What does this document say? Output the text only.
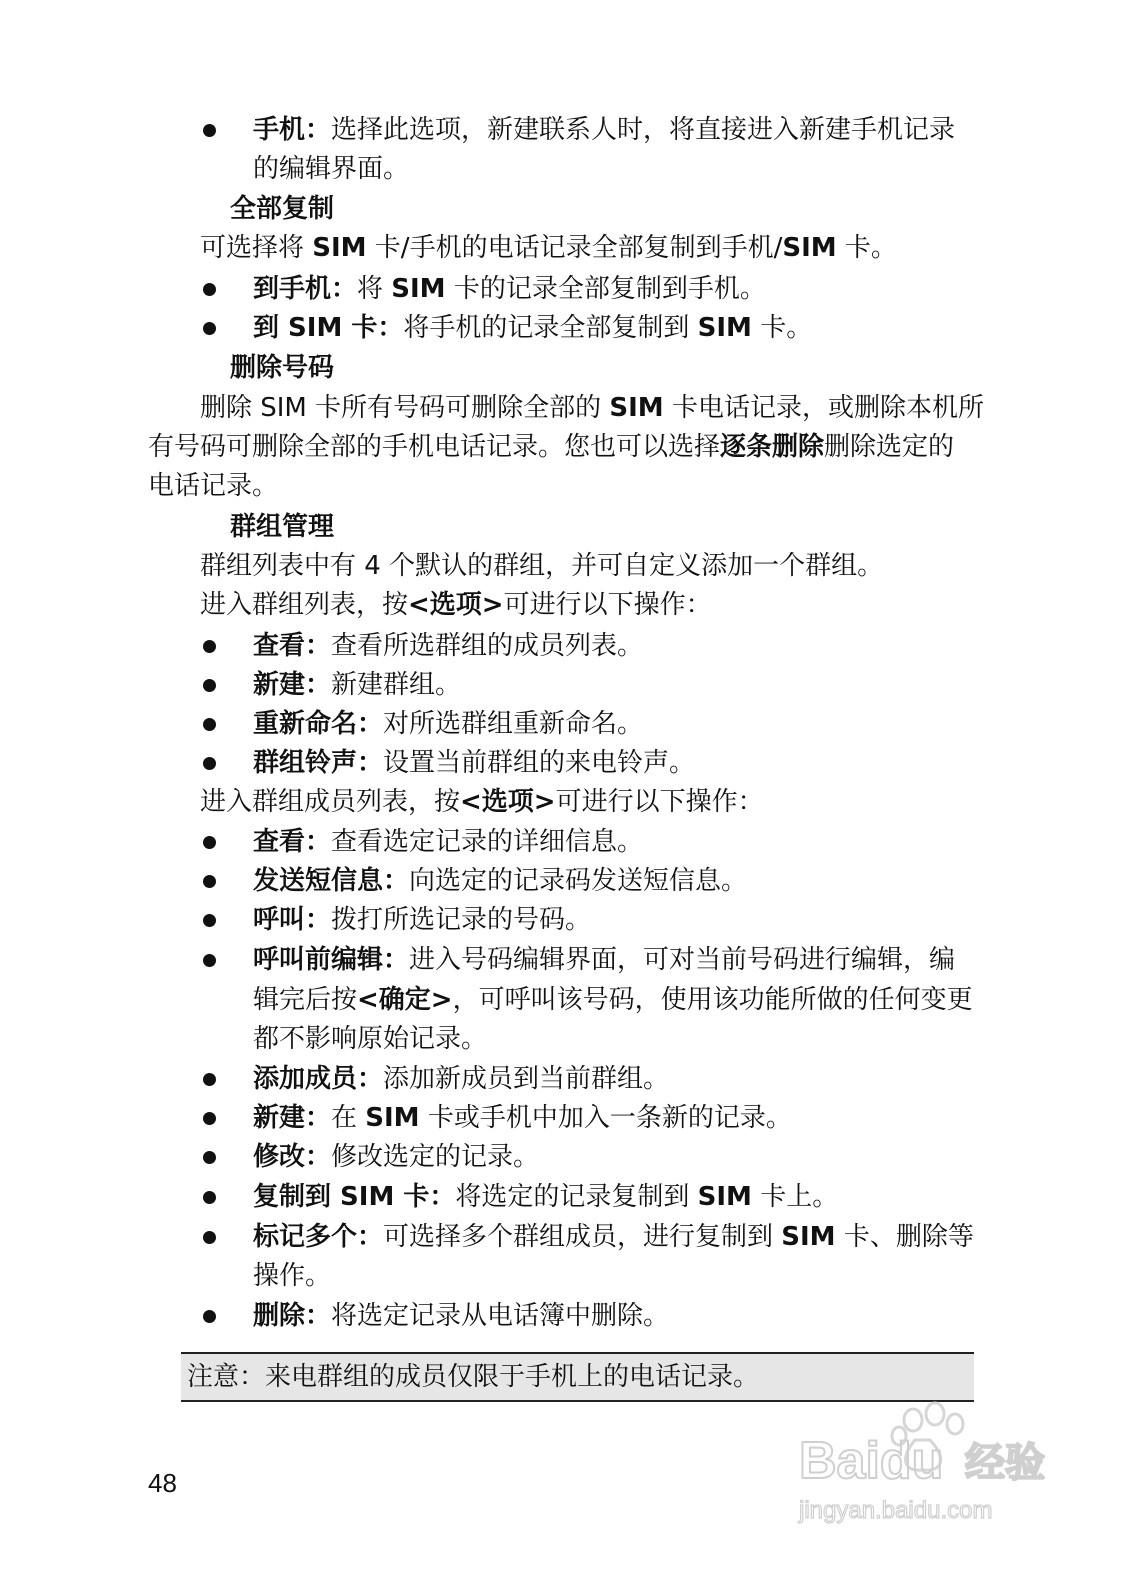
手机：选择此选项，新建联系人时，将直接进入新建手机记录
的编辑界面。
全部复制
可选择将 SIM 卡/手机的电话记录全部复制到手机/SIM 卡。
到手机：将 SIM 卡的记录全部复制到手机。
到 SIM 卡：将手机的记录全部复制到 SIM 卡。
删除号码
删除 SIM 卡所有号码可删除全部的 SIM 卡电话记录，或删除本机所
有号码可删除全部的手机电话记录。您也可以选择逐条删除删除选定的
电话记录。
群组管理
群组列表中有 4 个默认的群组，并可自定义添加一个群组。
进入群组列表，按<选项>可进行以下操作：
查看：查看所选群组的成员列表。
新建：新建群组。
重新命名：对所选群组重新命名。
群组铃声：设置当前群组的来电铃声。
进入群组成员列表，按<选项>可进行以下操作：
查看：查看选定记录的详细信息。
发送短信息：向选定的记录码发送短信息。
呼叫：拨打所选记录的号码。
呼叫前编辑：进入号码编辑界面，可对当前号码进行编辑，编
辑完后按<确定>，可呼叫该号码，使用该功能所做的任何变更
都不影响原始记录。
添加成员：添加新成员到当前群组。
新建：在 SIM 卡或手机中加入一条新的记录。
修改：修改选定的记录。
复制到 SIM 卡：将选定的记录复制到 SIM 卡上。
标记多个：可选择多个群组成员，进行复制到 SIM 卡、删除等
操作。
删除：将选定记录从电话簿中删除。
注意：来电群组的成员仅限于手机上的电话记录。
48	Baidu 经验
jingyan.baidu.com
